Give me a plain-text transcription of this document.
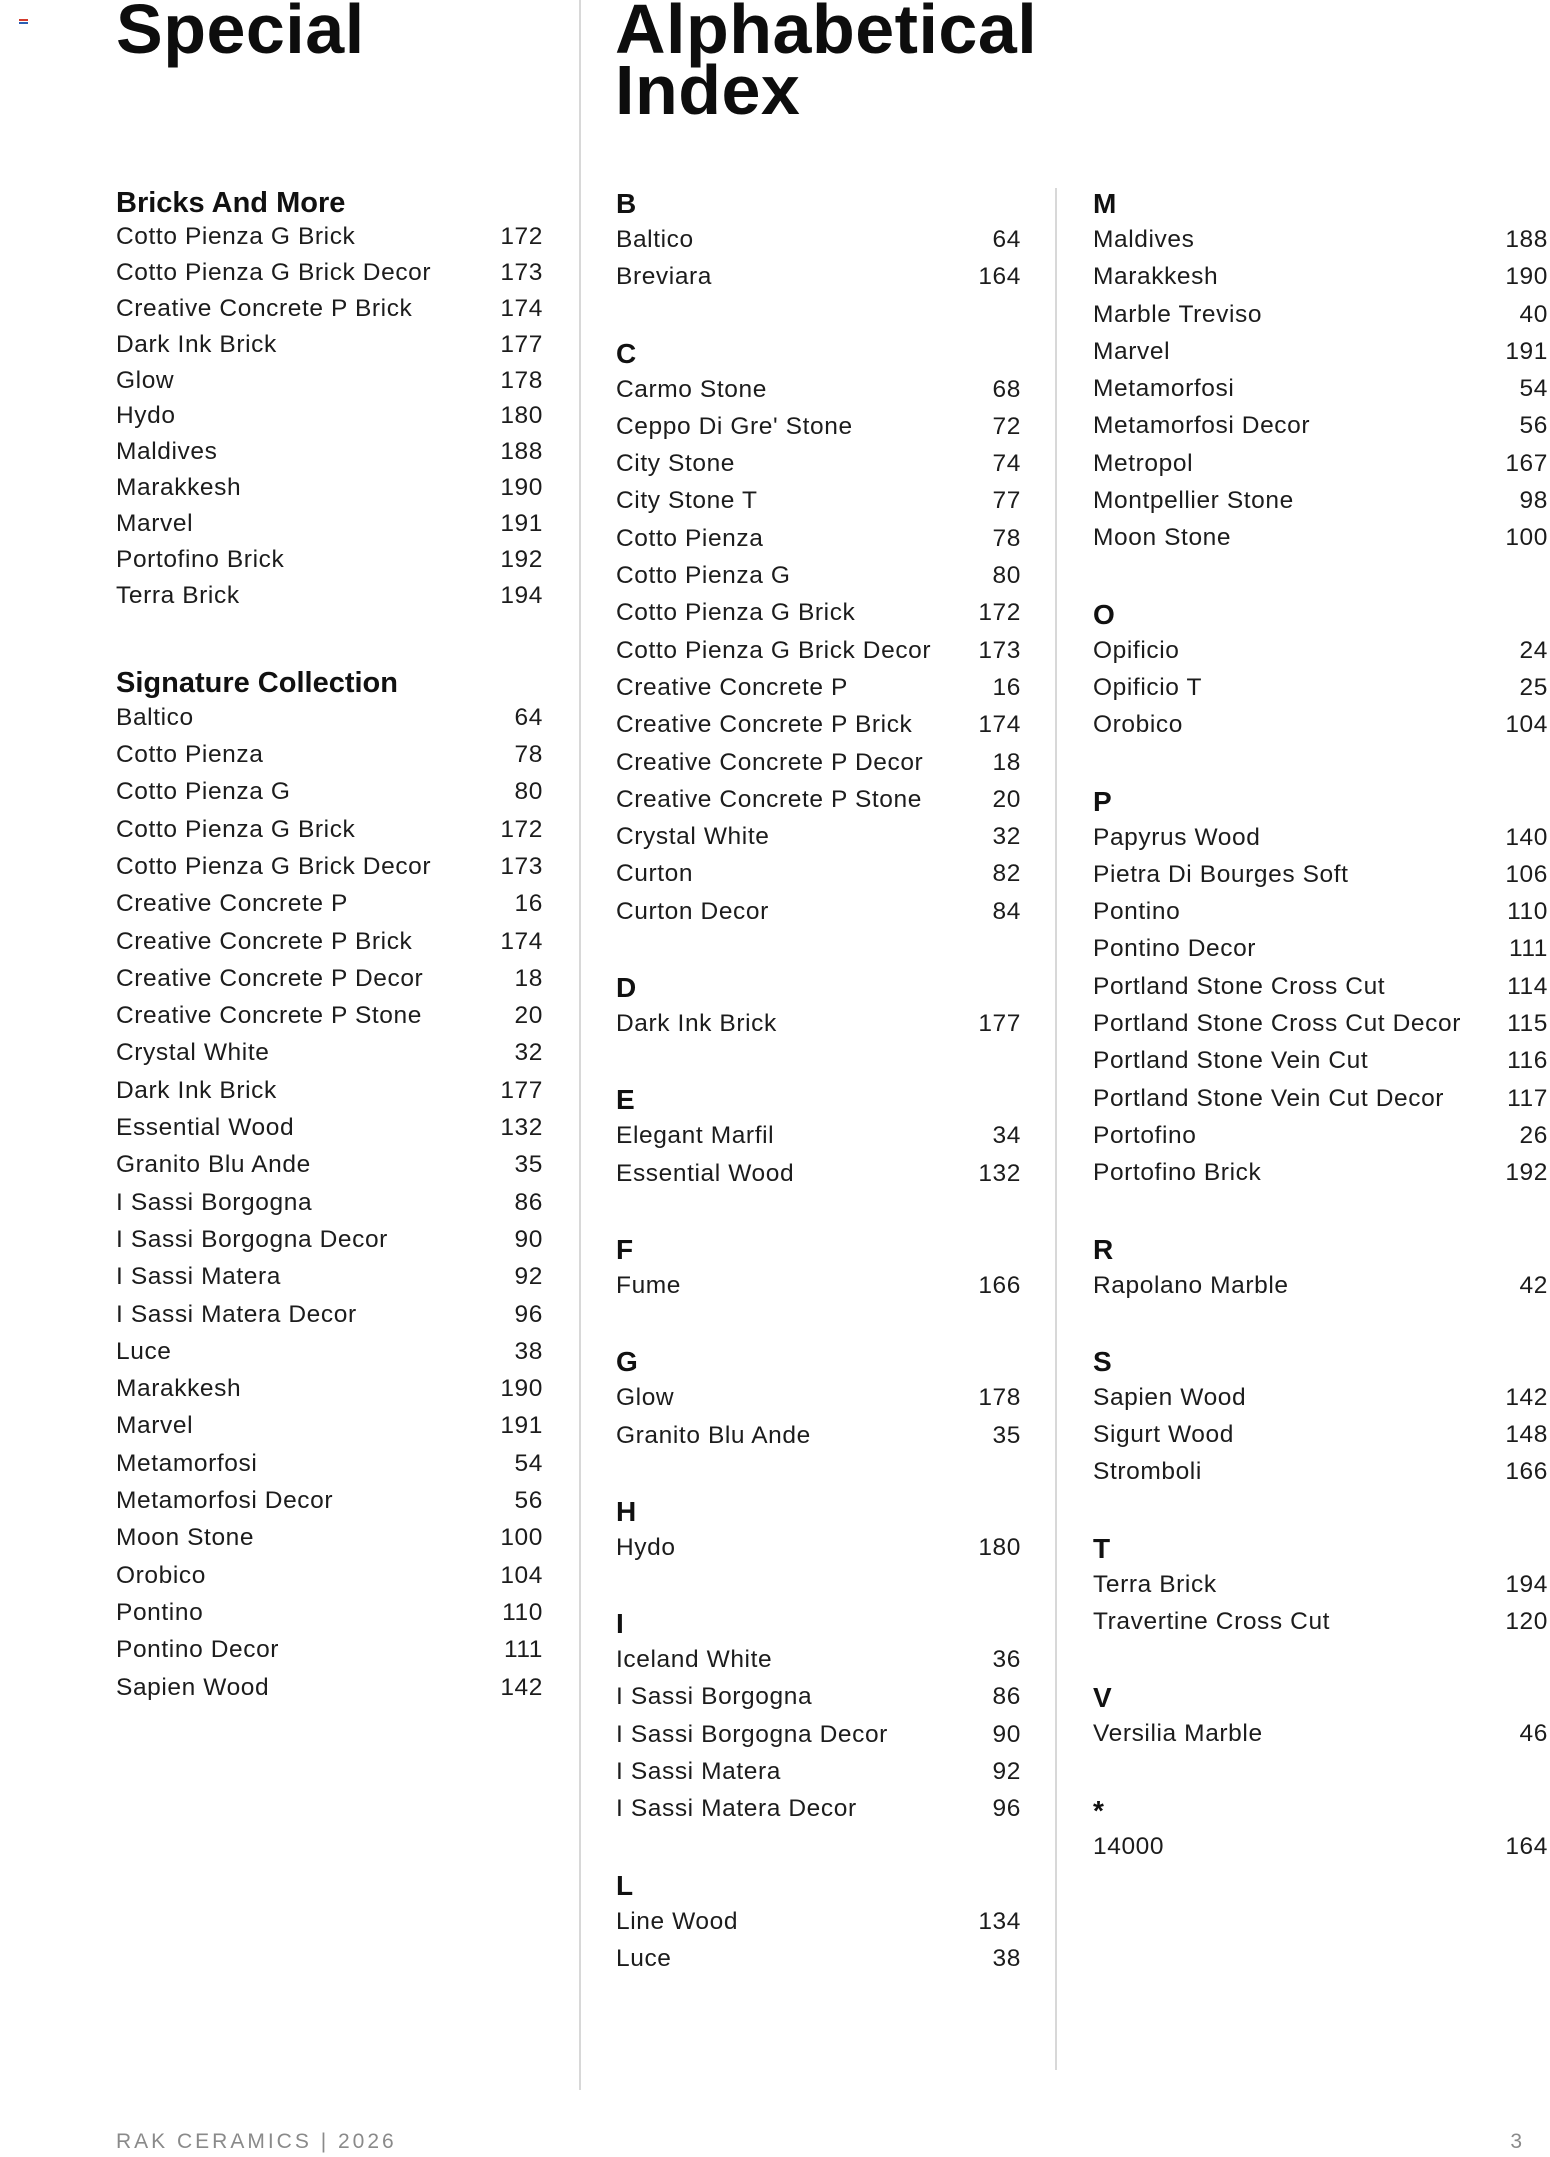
Special	Alphabetical
Index
Bricks And More
Cotto Pienza G Brick	172
Cotto Pienza G Brick Decor	173
Creative Concrete P Brick	174
Dark Ink Brick	177
Glow	178
Hydo	180
Maldives	188
Marakkesh	190
Marvel	191
Portofino Brick	192
Terra Brick	194
Signature Collection
Baltico	64
Cotto Pienza	78
Cotto Pienza G	80
Cotto Pienza G Brick	172
Cotto Pienza G Brick Decor	173
Creative Concrete P	16
Creative Concrete P Brick	174
Creative Concrete P Decor	18
Creative Concrete P Stone	20
Crystal White	32
Dark Ink Brick	177
Essential Wood	132
Granito Blu Ande	35
I Sassi Borgogna	86
I Sassi Borgogna Decor	90
I Sassi Matera	92
I Sassi Matera Decor	96
Luce	38
Marakkesh	190
Marvel	191
Metamorfosi	54
Metamorfosi Decor	56
Moon Stone	100
Orobico	104
Pontino	110
Pontino Decor	111
Sapien Wood	142
B
Baltico	64
Breviara	164
C
Carmo Stone	68
Ceppo Di Gre' Stone	72
City Stone	74
City Stone T	77
Cotto Pienza	78
Cotto Pienza G	80
Cotto Pienza G Brick	172
Cotto Pienza G Brick Decor 173
Creative Concrete P	16
Creative Concrete P Brick	174
Creative Concrete P Decor	18
Creative Concrete P Stone	20
Crystal White	32
Curton	82
Curton Decor	84
D
Dark Ink Brick	177
E
Elegant Marfil	34
Essential Wood	132
F
Fume	166
G
Glow	178
Granito Blu Ande	35
H
Hydo	180
I
Iceland White	36
I Sassi Borgogna	86
I Sassi Borgogna Decor	90
I Sassi Matera	92
I Sassi Matera Decor	96
L
Line Wood	134
Luce	38
M
Maldives	188
Marakkesh	190
Marble Treviso	40
Marvel	191
Metamorfosi	54
Metamorfosi Decor	56
Metropol	167
Montpellier Stone	98
Moon Stone	100
O
Opificio	24
Opificio T	25
Orobico	104
P
Papyrus Wood	140
Pietra Di Bourges Soft	106
Pontino	110
Pontino Decor	111
Portland Stone Cross Cut	114
Portland Stone Cross Cut Decor 115
Portland Stone Vein Cut	116
Portland Stone Vein Cut Decor	117
Portofino	26
Portofino Brick	192
R
Rapolano Marble	42
S
Sapien Wood	142
Sigurt Wood	148
Stromboli	166
T
Terra Brick	194
Travertine Cross Cut	120
V
Versilia Marble	46
*
14000	164
RAK CERAMICS | 2026	3
